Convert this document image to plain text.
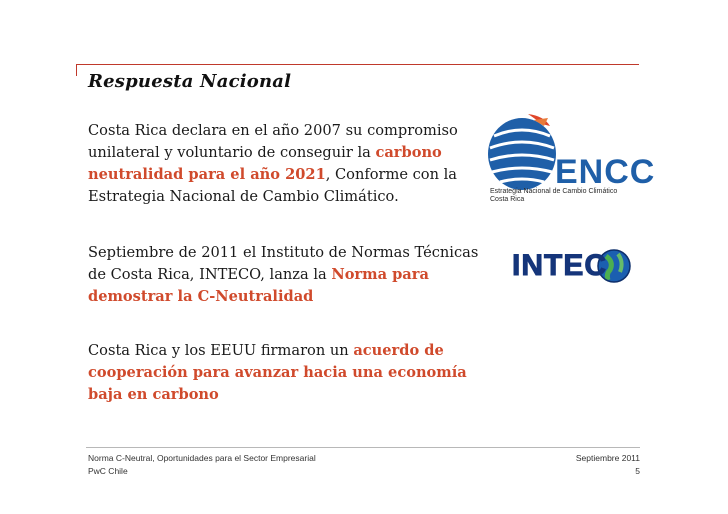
Respuesta Nacional

Costa Rica declara en el año 2007 su compromiso unilateral y voluntario de conseguir la carbono neutralidad para el año 2021, Conforme con la Estrategia Nacional de Cambio Climático.

Septiembre de 2011 el Instituto de Normas Técnicas de Costa Rica, INTECO, lanza la Norma para demostrar la C-Neutralidad

Costa Rica y los EEUU firmaron un acuerdo de cooperación para avanzar hacia una economía baja en carbono

ENCC
Estrategia Nacional de Cambio Climático
Costa Rica
INTEC
Norma C-Neutral, Oportunidades para el Sector Empresarial
PwC Chile
Septiembre 2011
5
